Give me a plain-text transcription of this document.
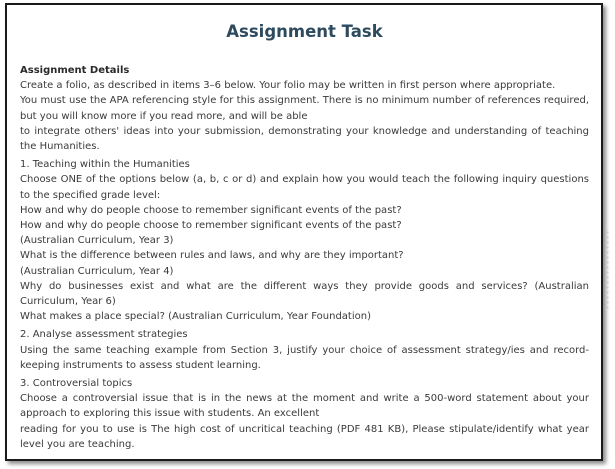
Assignment Task

Assignment Details

Create a folio, as described in items 3–6 below. Your folio may be written in first person where appropriate.

You must use the APA referencing style for this assignment. There is no minimum number of references required, but you will know more if you read more, and will be able

to integrate others' ideas into your submission, demonstrating your knowledge and understanding of teaching the Humanities.

1. Teaching within the Humanities

Choose ONE of the options below (a, b, c or d) and explain how you would teach the following inquiry questions to the specified grade level:

How and why do people choose to remember significant events of the past?

How and why do people choose to remember significant events of the past?

(Australian Curriculum, Year 3)

What is the difference between rules and laws, and why are they important?

(Australian Curriculum, Year 4)

Why do businesses exist and what are the different ways they provide goods and services? (Australian Curriculum, Year 6)

What makes a place special? (Australian Curriculum, Year Foundation)

2. Analyse assessment strategies

Using the same teaching example from Section 3, justify your choice of assessment strategy/ies and record-keeping instruments to assess student learning.

3. Controversial topics

Choose a controversial issue that is in the news at the moment and write a 500-word statement about your approach to exploring this issue with students. An excellent

reading for you to use is The high cost of uncritical teaching (PDF 481 KB), Please stipulate/identify what year level you are teaching.
